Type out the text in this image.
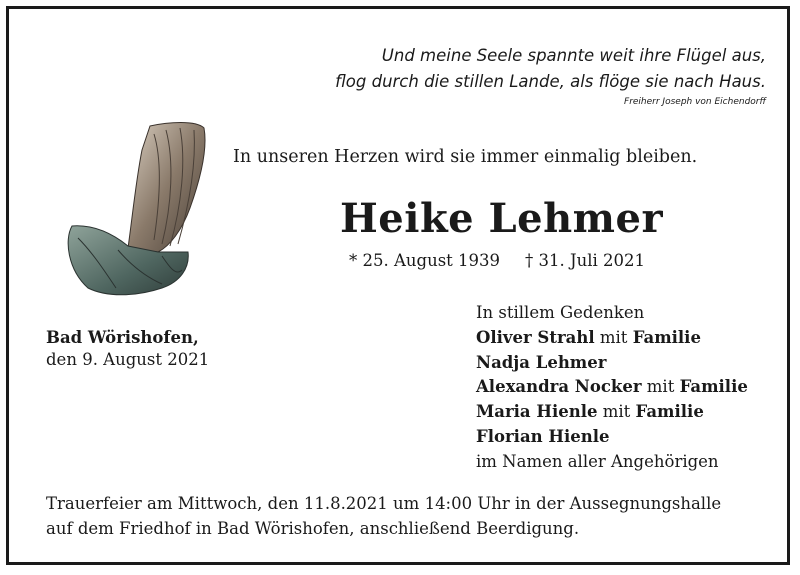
Und meine Seele spannte weit ihre Flügel aus,
flog durch die stillen Lande, als flöge sie nach Haus.
Freiherr Joseph von Eichendorff
In unseren Herzen wird sie immer einmalig bleiben.
Heike Lehmer
* 25. August 1939 † 31. Juli 2021
Bad Wörishofen,
den 9. August 2021
In stillem Gedenken
Oliver Strahl mit Familie
Nadja Lehmer
Alexandra Nocker mit Familie
Maria Hienle mit Familie
Florian Hienle
im Namen aller Angehörigen
Trauerfeier am Mittwoch, den 11.8.2021 um 14:00 Uhr in der Aussegnungshalle
auf dem Friedhof in Bad Wörishofen, anschließend Beerdigung.
